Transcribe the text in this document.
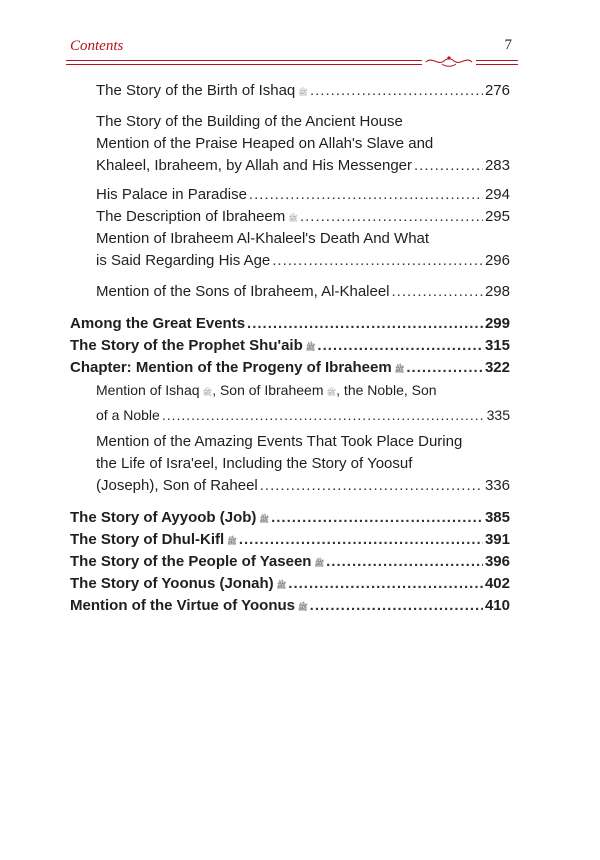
Contents	7
The Story of the Birth of Ishaq ﷺ .....	276
The Story of the Building of the Ancient House
Mention of the Praise Heaped on Allah's Slave and
Khaleel, Ibraheem, by Allah and His Messenger .....	283
His Palace in Paradise .....	294
The Description of Ibraheem ﷺ .....	295
Mention of Ibraheem Al-Khaleel's Death And What
is Said Regarding His Age .....	296
Mention of the Sons of Ibraheem, Al-Khaleel .....	298
Among the Great Events .....	299
The Story of the Prophet Shu'aib ﷺ .....	315
Chapter: Mention of the Progeny of Ibraheem ﷺ .....	322
Mention of Ishaq ﷺ , Son of Ibraheem ﷺ , the Noble, Son
of a Noble .....	335
Mention of the Amazing Events That Took Place During
the Life of Isra'eel, Including the Story of Yoosuf
(Joseph), Son of Raheel .....	336
The Story of Ayyoob (Job) ﷺ .....	385
The Story of Dhul-Kifl ﷺ .....	391
The Story of the People of Yaseen ﷺ .....	396
The Story of Yoonus (Jonah) ﷺ .....	402
Mention of the Virtue of Yoonus ﷺ .....	410
